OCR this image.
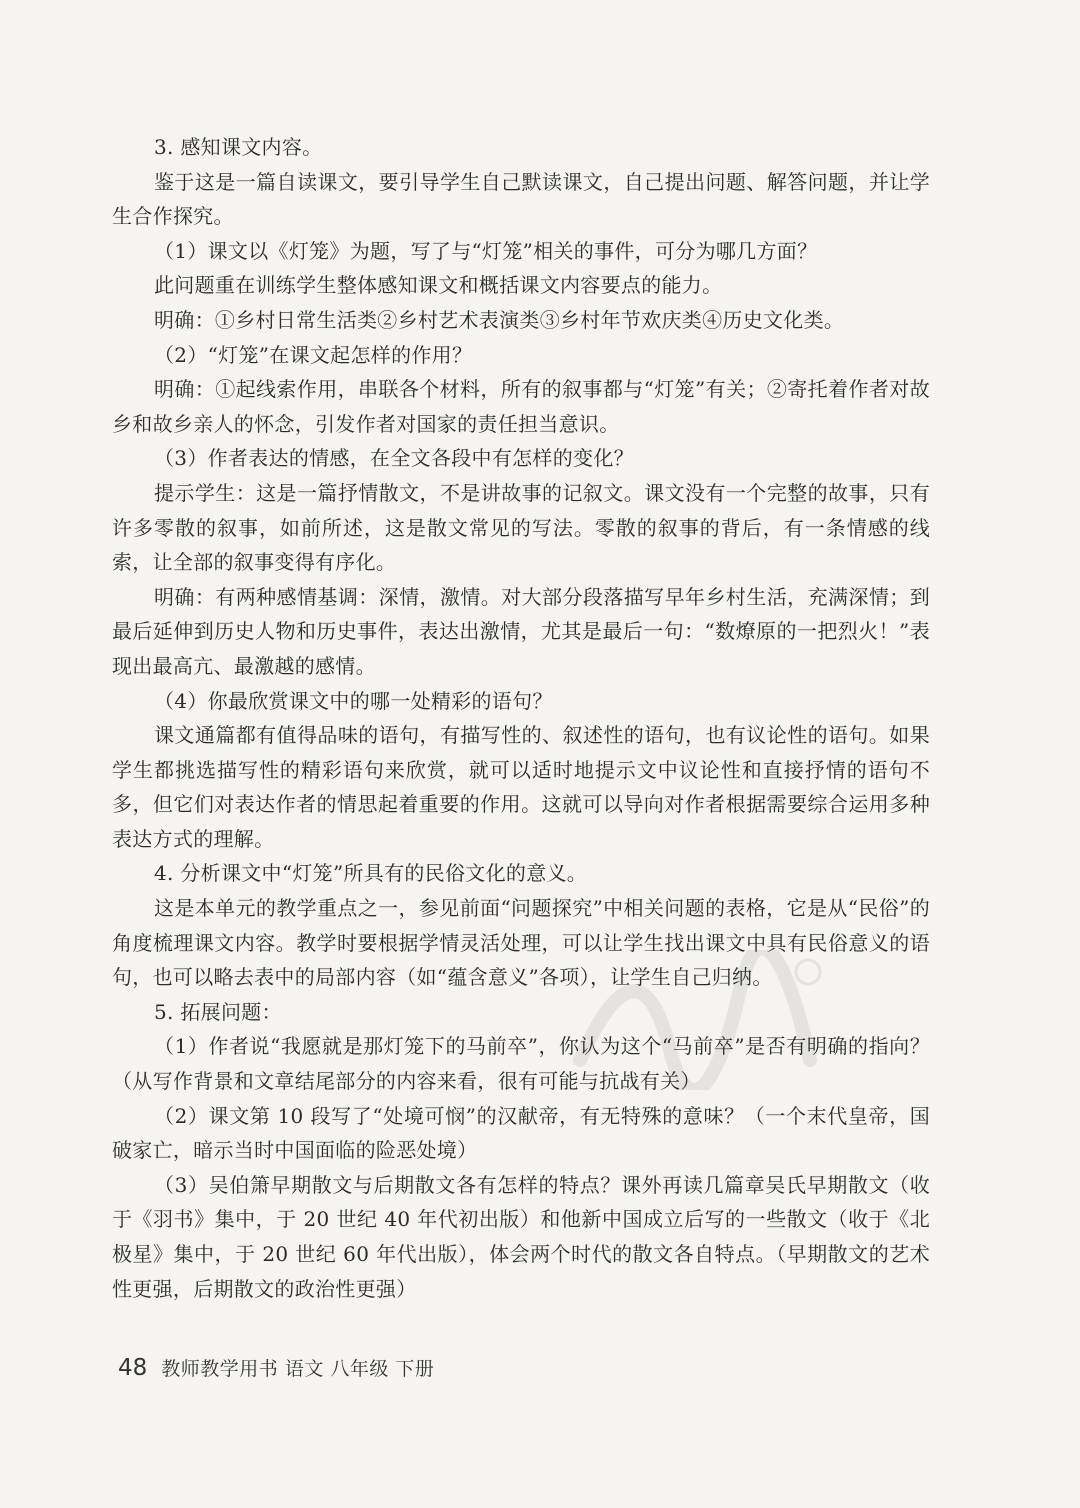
3. 感知课文内容。

鉴于这是一篇自读课文，要引导学生自己默读课文，自己提出问题、解答问题，并让学生合作探究。

（1）课文以《灯笼》为题，写了与“灯笼”相关的事件，可分为哪几方面？

此问题重在训练学生整体感知课文和概括课文内容要点的能力。

明确：①乡村日常生活类②乡村艺术表演类③乡村年节欢庆类④历史文化类。

（2）“灯笼”在课文起怎样的作用？

明确：①起线索作用，串联各个材料，所有的叙事都与“灯笼”有关；②寄托着作者对故乡和故乡亲人的怀念，引发作者对国家的责任担当意识。

（3）作者表达的情感，在全文各段中有怎样的变化？

提示学生：这是一篇抒情散文，不是讲故事的记叙文。课文没有一个完整的故事，只有许多零散的叙事，如前所述，这是散文常见的写法。零散的叙事的背后，有一条情感的线索，让全部的叙事变得有序化。

明确：有两种感情基调：深情，激情。对大部分段落描写早年乡村生活，充满深情；到最后延伸到历史人物和历史事件，表达出激情，尤其是最后一句：“数燎原的一把烈火！”表现出最高亢、最激越的感情。

（4）你最欣赏课文中的哪一处精彩的语句？

课文通篇都有值得品味的语句，有描写性的、叙述性的语句，也有议论性的语句。如果学生都挑选描写性的精彩语句来欣赏，就可以适时地提示文中议论性和直接抒情的语句不多，但它们对表达作者的情思起着重要的作用。这就可以导向对作者根据需要综合运用多种表达方式的理解。

4. 分析课文中“灯笼”所具有的民俗文化的意义。

这是本单元的教学重点之一，参见前面“问题探究”中相关问题的表格，它是从“民俗”的角度梳理课文内容。教学时要根据学情灵活处理，可以让学生找出课文中具有民俗意义的语句，也可以略去表中的局部内容（如“蕴含意义”各项），让学生自己归纳。

5. 拓展问题：

（1）作者说“我愿就是那灯笼下的马前卒”，你认为这个“马前卒”是否有明确的指向？（从写作背景和文章结尾部分的内容来看，很有可能与抗战有关）

（2）课文第 10 段写了“处境可悯”的汉献帝，有无特殊的意味？（一个末代皇帝，国破家亡，暗示当时中国面临的险恶处境）

（3）吴伯箫早期散文与后期散文各有怎样的特点？课外再读几篇章吴氏早期散文（收于《羽书》集中，于 20 世纪 40 年代初出版）和他新中国成立后写的一些散文（收于《北极星》集中，于 20 世纪 60 年代出版），体会两个时代的散文各自特点。（早期散文的艺术性更强，后期散文的政治性更强）

48 教师教学用书 语文 八年级 下册
